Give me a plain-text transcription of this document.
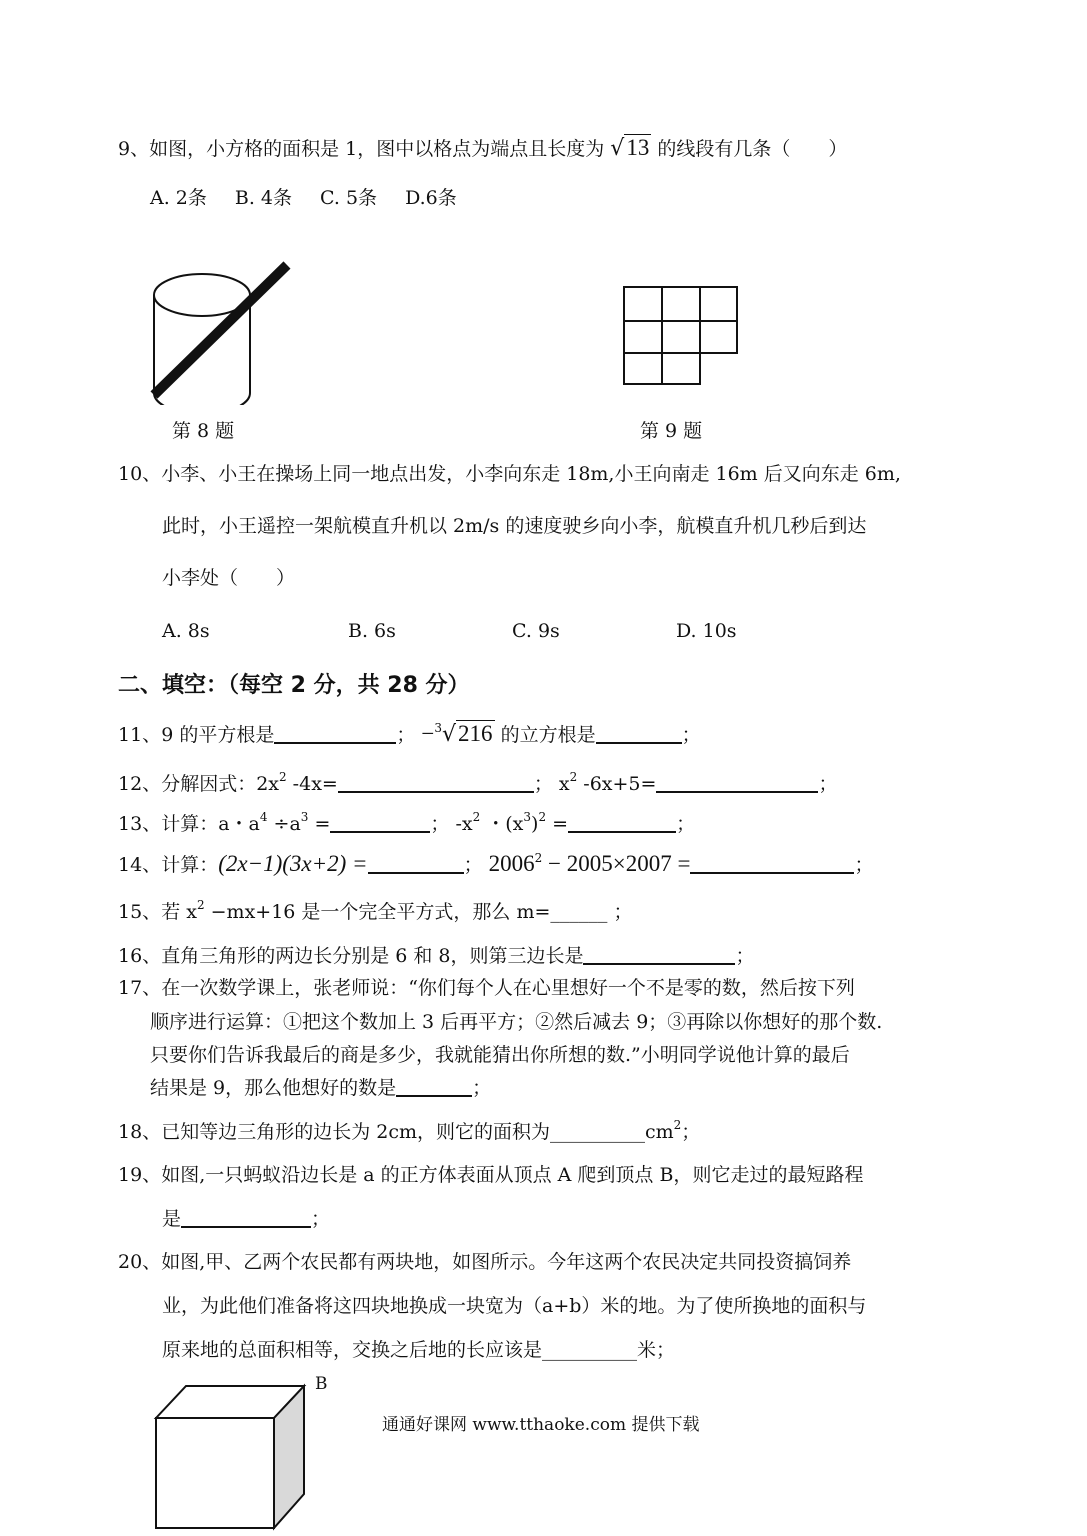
9、如图，小方格的面积是 1，图中以格点为端点且长度为 √13 的线段有几条（　　）
A. 2条 B. 4条 C. 5条 D.6条
第 8 题	第 9 题
10、小李、小王在操场上同一地点出发，小李向东走 18m,小王向南走 16m 后又向东走 6m,
此时，小王遥控一架航模直升机以 2m/s 的速度驶乡向小李，航模直升机几秒后到达
小李处（　　）
A. 8s	B. 6s	C. 9s	D. 10s
二、填空：（每空 2 分，共 28 分）
11、9 的平方根是	； −$^3$√216 的立方根是	；
12、分解因式：$2x^2$ -4x=	； $x^2$ -6x+5=	；
13、计算：a・$a^4 \div a^3$ =	； $-x^2$ ・$(x^3)^2$ =	；
14、计算：(2x−1)(3x+2) =	； $2006^2 - 2005\times 2007$ =	；
15、若 $x^2 -mx+16$ 是一个完全平方式，那么 m=______ ；
16、直角三角形的两边长分别是 6 和 8，则第三边长是	；
17、在一次数学课上，张老师说：“你们每个人在心里想好一个不是零的数，然后按下列
顺序进行运算：①把这个数加上 3 后再平方；②然后减去 9；③再除以你想好的那个数.
只要你们告诉我最后的商是多少，我就能猜出你所想的数.”小明同学说他计算的最后
结果是 9，那么他想好的数是	；
18、已知等边三角形的边长为 2cm，则它的面积为$\_\_\_\_\_\_\_\_\_\_cm^2$；
19、如图,一只蚂蚁沿边长是 a 的正方体表面从顶点 A 爬到顶点 B，则它走过的最短路程
是	；
20、如图,甲、乙两个农民都有两块地，如图所示。今年这两个农民决定共同投资搞饲养
业，为此他们准备将这四块地换成一块宽为（a+b）米的地。为了使所换地的面积与
原来地的总面积相等，交换之后地的长应该是__________米；
B
通通好课网 www.tthaoke.com 提供下载
